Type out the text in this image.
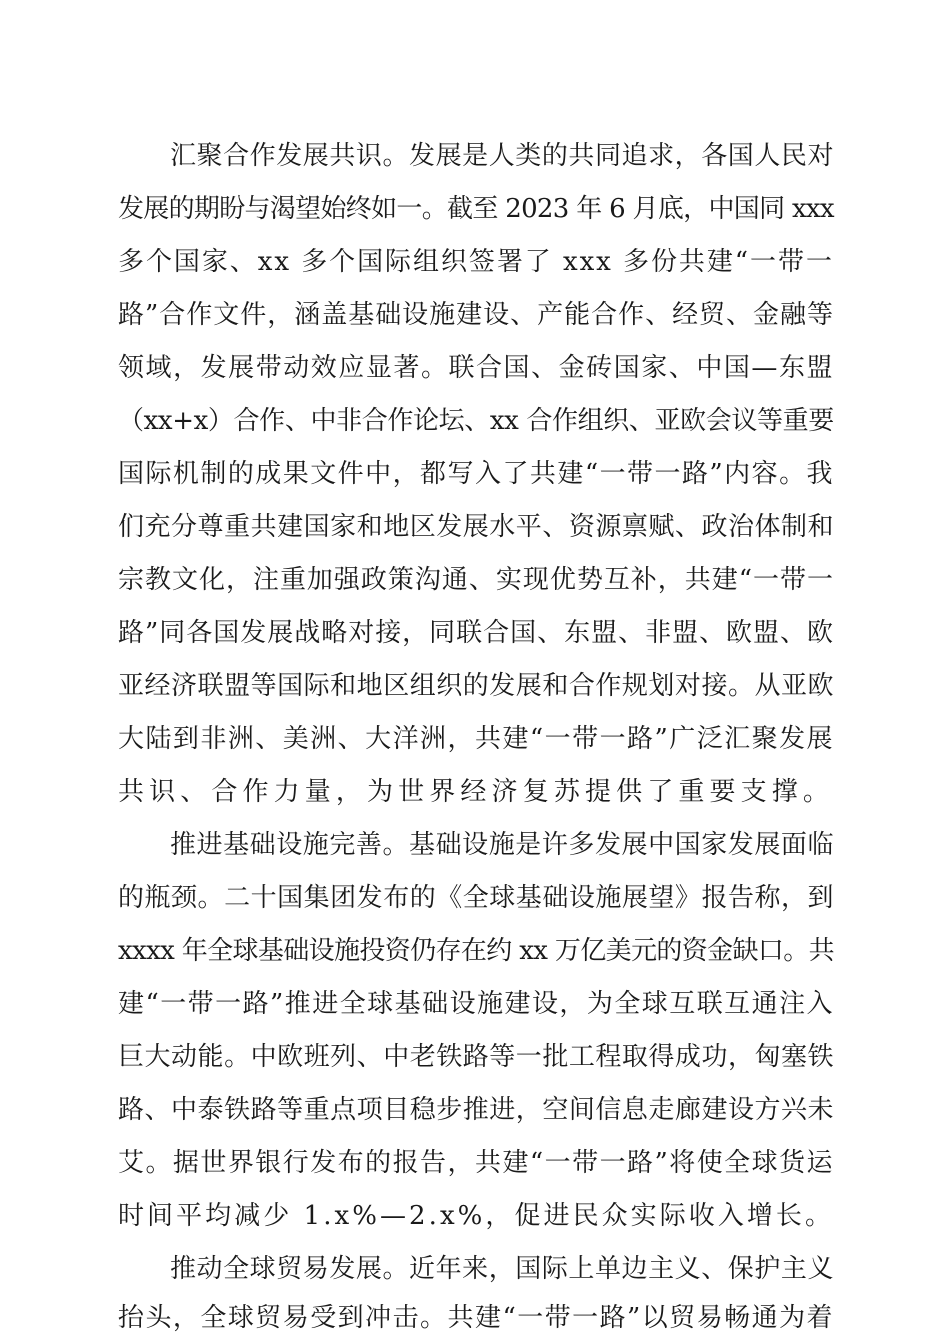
汇聚合作发展共识。发展是人类的共同追求，各国人民对

发展的期盼与渴望始终如一。截至 2023 年 6 月底，中国同 xxx

多个国家、xx 多个国际组织签署了 xxx 多份共建“一带一

路”合作文件，涵盖基础设施建设、产能合作、经贸、金融等

领域，发展带动效应显著。联合国、金砖国家、中国—东盟

（xx+x）合作、中非合作论坛、xx 合作组织、亚欧会议等重要

国际机制的成果文件中，都写入了共建“一带一路”内容。我

们充分尊重共建国家和地区发展水平、资源禀赋、政治体制和

宗教文化，注重加强政策沟通、实现优势互补，共建“一带一

路”同各国发展战略对接，同联合国、东盟、非盟、欧盟、欧

亚经济联盟等国际和地区组织的发展和合作规划对接。从亚欧

大陆到非洲、美洲、大洋洲，共建“一带一路”广泛汇聚发展

共识、合作力量，为世界经济复苏提供了重要支撑。

推进基础设施完善。基础设施是许多发展中国家发展面临

的瓶颈。二十国集团发布的《全球基础设施展望》报告称，到

xxxx 年全球基础设施投资仍存在约 xx 万亿美元的资金缺口。共

建“一带一路”推进全球基础设施建设，为全球互联互通注入

巨大动能。中欧班列、中老铁路等一批工程取得成功，匈塞铁

路、中泰铁路等重点项目稳步推进，空间信息走廊建设方兴未

艾。据世界银行发布的报告，共建“一带一路”将使全球货运

时间平均减少 1.x%—2.x%，促进民众实际收入增长。

推动全球贸易发展。近年来，国际上单边主义、保护主义

抬头，全球贸易受到冲击。共建“一带一路”以贸易畅通为着
